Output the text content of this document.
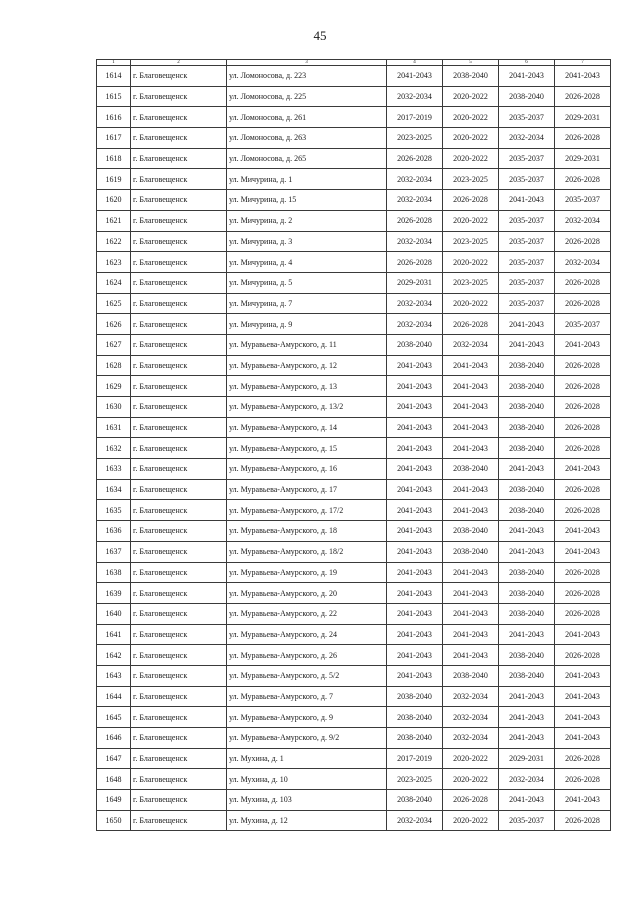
45
1	2	3	4	5	6	7
1614	г. Благовещенск	ул. Ломоносова, д. 223	2041-2043	2038-2040	2041-2043	2041-2043
1615	г. Благовещенск	ул. Ломоносова, д. 225	2032-2034	2020-2022	2038-2040	2026-2028
1616	г. Благовещенск	ул. Ломоносова, д. 261	2017-2019	2020-2022	2035-2037	2029-2031
1617	г. Благовещенск	ул. Ломоносова, д. 263	2023-2025	2020-2022	2032-2034	2026-2028
1618	г. Благовещенск	ул. Ломоносова, д. 265	2026-2028	2020-2022	2035-2037	2029-2031
1619	г. Благовещенск	ул. Мичурина, д. 1	2032-2034	2023-2025	2035-2037	2026-2028
1620	г. Благовещенск	ул. Мичурина, д. 15	2032-2034	2026-2028	2041-2043	2035-2037
1621	г. Благовещенск	ул. Мичурина, д. 2	2026-2028	2020-2022	2035-2037	2032-2034
1622	г. Благовещенск	ул. Мичурина, д. 3	2032-2034	2023-2025	2035-2037	2026-2028
1623	г. Благовещенск	ул. Мичурина, д. 4	2026-2028	2020-2022	2035-2037	2032-2034
1624	г. Благовещенск	ул. Мичурина, д. 5	2029-2031	2023-2025	2035-2037	2026-2028
1625	г. Благовещенск	ул. Мичурина, д. 7	2032-2034	2020-2022	2035-2037	2026-2028
1626	г. Благовещенск	ул. Мичурина, д. 9	2032-2034	2026-2028	2041-2043	2035-2037
1627	г. Благовещенск	ул. Муравьева-Амурского, д. 11	2038-2040	2032-2034	2041-2043	2041-2043
1628	г. Благовещенск	ул. Муравьева-Амурского, д. 12	2041-2043	2041-2043	2038-2040	2026-2028
1629	г. Благовещенск	ул. Муравьева-Амурского, д. 13	2041-2043	2041-2043	2038-2040	2026-2028
1630	г. Благовещенск	ул. Муравьева-Амурского, д. 13/2	2041-2043	2041-2043	2038-2040	2026-2028
1631	г. Благовещенск	ул. Муравьева-Амурского, д. 14	2041-2043	2041-2043	2038-2040	2026-2028
1632	г. Благовещенск	ул. Муравьева-Амурского, д. 15	2041-2043	2041-2043	2038-2040	2026-2028
1633	г. Благовещенск	ул. Муравьева-Амурского, д. 16	2041-2043	2038-2040	2041-2043	2041-2043
1634	г. Благовещенск	ул. Муравьева-Амурского, д. 17	2041-2043	2041-2043	2038-2040	2026-2028
1635	г. Благовещенск	ул. Муравьева-Амурского, д. 17/2	2041-2043	2041-2043	2038-2040	2026-2028
1636	г. Благовещенск	ул. Муравьева-Амурского, д. 18	2041-2043	2038-2040	2041-2043	2041-2043
1637	г. Благовещенск	ул. Муравьева-Амурского, д. 18/2	2041-2043	2038-2040	2041-2043	2041-2043
1638	г. Благовещенск	ул. Муравьева-Амурского, д. 19	2041-2043	2041-2043	2038-2040	2026-2028
1639	г. Благовещенск	ул. Муравьева-Амурского, д. 20	2041-2043	2041-2043	2038-2040	2026-2028
1640	г. Благовещенск	ул. Муравьева-Амурского, д. 22	2041-2043	2041-2043	2038-2040	2026-2028
1641	г. Благовещенск	ул. Муравьева-Амурского, д. 24	2041-2043	2041-2043	2041-2043	2041-2043
1642	г. Благовещенск	ул. Муравьева-Амурского, д. 26	2041-2043	2041-2043	2038-2040	2026-2028
1643	г. Благовещенск	ул. Муравьева-Амурского, д. 5/2	2041-2043	2038-2040	2038-2040	2041-2043
1644	г. Благовещенск	ул. Муравьева-Амурского, д. 7	2038-2040	2032-2034	2041-2043	2041-2043
1645	г. Благовещенск	ул. Муравьева-Амурского, д. 9	2038-2040	2032-2034	2041-2043	2041-2043
1646	г. Благовещенск	ул. Муравьева-Амурского, д. 9/2	2038-2040	2032-2034	2041-2043	2041-2043
1647	г. Благовещенск	ул. Мухина, д. 1	2017-2019	2020-2022	2029-2031	2026-2028
1648	г. Благовещенск	ул. Мухина, д. 10	2023-2025	2020-2022	2032-2034	2026-2028
1649	г. Благовещенск	ул. Мухина, д. 103	2038-2040	2026-2028	2041-2043	2041-2043
1650	г. Благовещенск	ул. Мухина, д. 12	2032-2034	2020-2022	2035-2037	2026-2028
